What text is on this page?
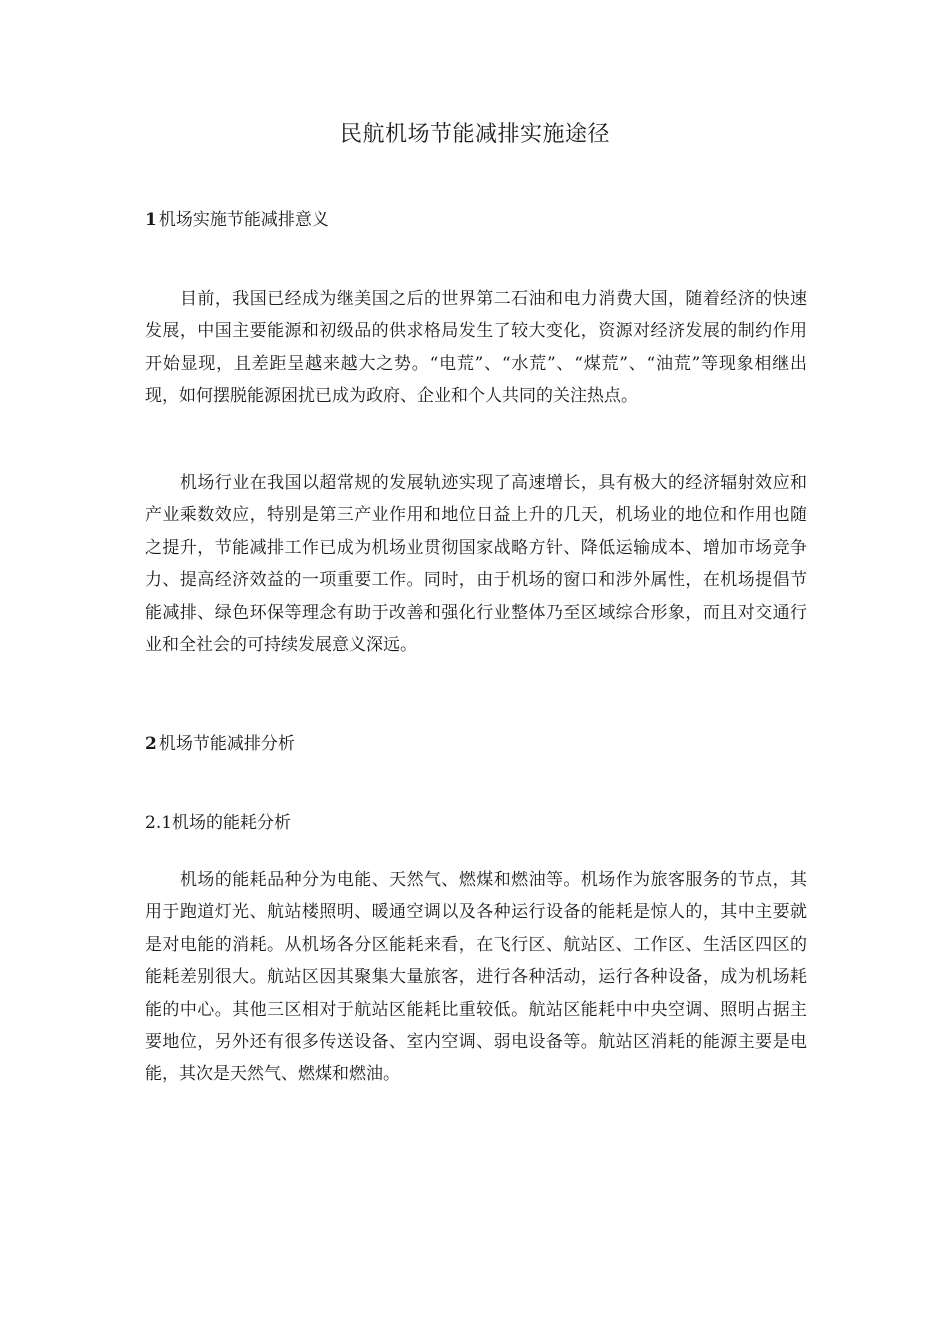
民航机场节能减排实施途径
1 机场实施节能减排意义

目前，我国已经成为继美国之后的世界第二石油和电力消费大国，随着经济的快速发展，中国主要能源和初级品的供求格局发生了较大变化，资源对经济发展的制约作用开始显现，且差距呈越来越大之势。“电荒”、“水荒”、“煤荒”、“油荒”等现象相继出现，如何摆脱能源困扰已成为政府、企业和个人共同的关注热点。

机场行业在我国以超常规的发展轨迹实现了高速增长，具有极大的经济辐射效应和产业乘数效应，特别是第三产业作用和地位日益上升的几天，机场业的地位和作用也随之提升，节能减排工作已成为机场业贯彻国家战略方针、降低运输成本、增加市场竞争力、提高经济效益的一项重要工作。同时，由于机场的窗口和涉外属性，在机场提倡节能减排、绿色环保等理念有助于改善和强化行业整体乃至区域综合形象，而且对交通行业和全社会的可持续发展意义深远。

2 机场节能减排分析
2.1机场的能耗分析

机场的能耗品种分为电能、天然气、燃煤和燃油等。机场作为旅客服务的节点，其用于跑道灯光、航站楼照明、暖通空调以及各种运行设备的能耗是惊人的，其中主要就是对电能的消耗。从机场各分区能耗来看，在飞行区、航站区、工作区、生活区四区的能耗差别很大。航站区因其聚集大量旅客，进行各种活动，运行各种设备，成为机场耗能的中心。其他三区相对于航站区能耗比重较低。航站区能耗中中央空调、照明占据主要地位，另外还有很多传送设备、室内空调、弱电设备等。航站区消耗的能源主要是电能，其次是天然气、燃煤和燃油。
